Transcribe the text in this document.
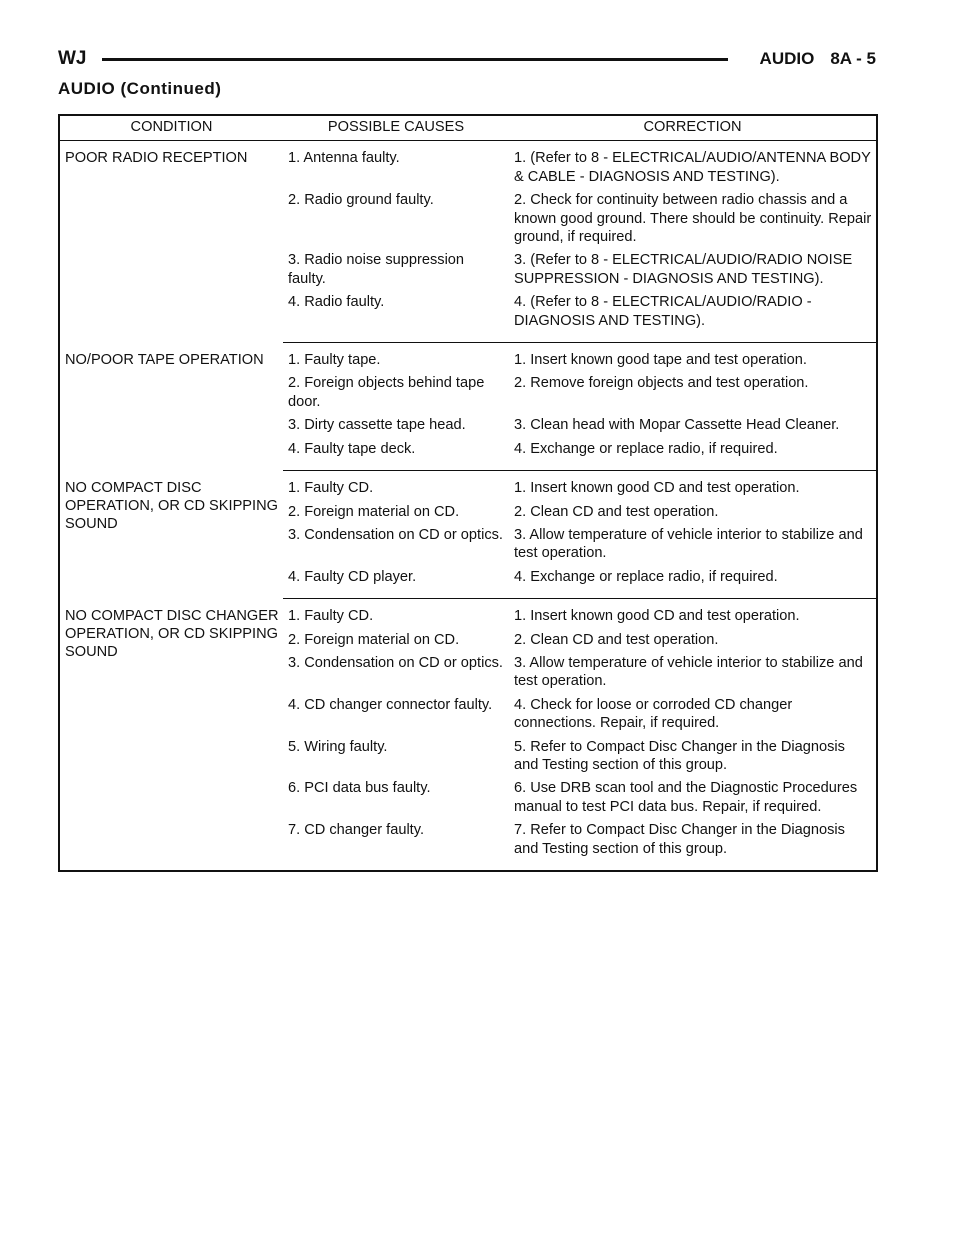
WJ	AUDIO 8A - 5
AUDIO (Continued)
CONDITION	POSSIBLE CAUSES	CORRECTION
POOR RADIO RECEPTION	1. Antenna faulty.	1. (Refer to 8 - ELECTRICAL/AUDIO/ANTENNA BODY & CABLE - DIAGNOSIS AND TESTING).
	2. Radio ground faulty.	2. Check for continuity between radio chassis and a known good ground. There should be continuity. Repair ground, if required.
	3. Radio noise suppression faulty.	3. (Refer to 8 - ELECTRICAL/AUDIO/RADIO NOISE SUPPRESSION - DIAGNOSIS AND TESTING).
	4. Radio faulty.	4. (Refer to 8 - ELECTRICAL/AUDIO/RADIO - DIAGNOSIS AND TESTING).
NO/POOR TAPE OPERATION	1. Faulty tape.	1. Insert known good tape and test operation.
	2. Foreign objects behind tape door.	2. Remove foreign objects and test operation.
	3. Dirty cassette tape head.	3. Clean head with Mopar Cassette Head Cleaner.
	4. Faulty tape deck.	4. Exchange or replace radio, if required.
NO COMPACT DISC OPERATION, OR CD SKIPPING SOUND	1. Faulty CD.	1. Insert known good CD and test operation.
	2. Foreign material on CD.	2. Clean CD and test operation.
	3. Condensation on CD or optics.	3. Allow temperature of vehicle interior to stabilize and test operation.
	4. Faulty CD player.	4. Exchange or replace radio, if required.
NO COMPACT DISC CHANGER OPERATION, OR CD SKIPPING SOUND	1. Faulty CD.	1. Insert known good CD and test operation.
	2. Foreign material on CD.	2. Clean CD and test operation.
	3. Condensation on CD or optics.	3. Allow temperature of vehicle interior to stabilize and test operation.
	4. CD changer connector faulty.	4. Check for loose or corroded CD changer connections. Repair, if required.
	5. Wiring faulty.	5. Refer to Compact Disc Changer in the Diagnosis and Testing section of this group.
	6. PCI data bus faulty.	6. Use DRB scan tool and the Diagnostic Procedures manual to test PCI data bus. Repair, if required.
	7. CD changer faulty.	7. Refer to Compact Disc Changer in the Diagnosis and Testing section of this group.
